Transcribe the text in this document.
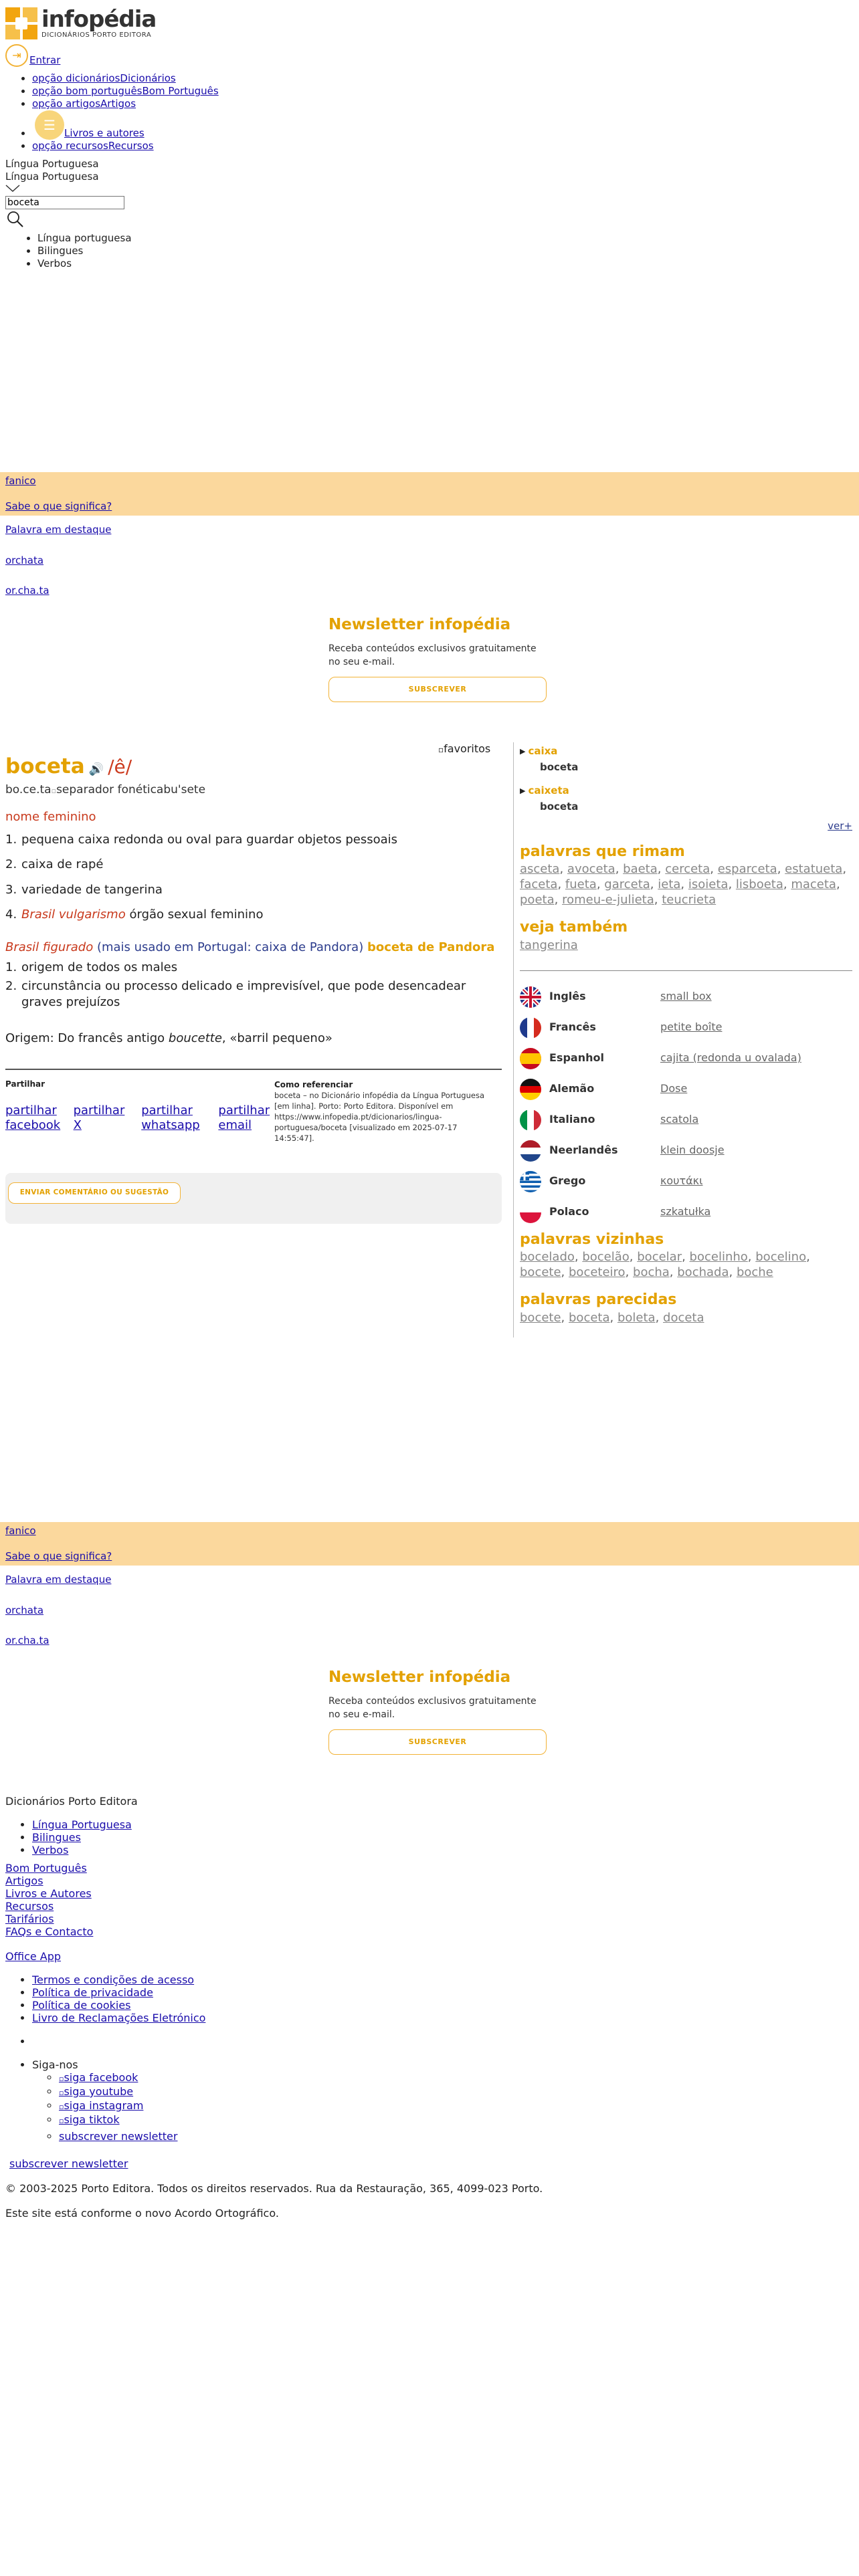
infopédia
DICIONÁRIOS PORTO EDITORA
⇥ Entrar
• opção dicionáriosDicionários
• opção bom portuguêsBom Português
• opção artigosArtigos
• ☰Livros e autores
• opção recursosRecursos
Língua Portuguesa
Língua Portuguesa
boceta
• Língua portuguesa
• Bilingues
• Verbos
fanico

Sabe o que significa?
Palavra em destaque
orchata
or.cha.ta
Newsletter infopédia
Receba conteúdos exclusivos gratuitamente no seu e-mail.
SUBSCREVER
▫favoritos
boceta 🔊 /ê/
bo.ce.ta▫separador fonéticabu'sete
nome feminino
1. pequena caixa redonda ou oval para guardar objetos pessoais
2. caixa de rapé
3. variedade de tangerina
4. Brasil vulgarismo órgão sexual feminino
Brasil figurado (mais usado em Portugal: caixa de Pandora) boceta de Pandora
1. origem de todos os males
2. circunstância ou processo delicado e imprevisível, que pode desencadear graves prejuízos
Origem: Do francês antigo boucette, «barril pequeno»
Partilhar
partilhar facebook
partilhar X
partilhar whatsapp
partilhar email
Como referenciar
boceta – no Dicionário infopédia da Língua Portuguesa [em linha]. Porto: Porto Editora. Disponível em https://www.infopedia.pt/dicionarios/lingua-portuguesa/boceta [visualizado em 2025-07-17 14:55:47].
ENVIAR COMENTÁRIO OU SUGESTÃO
▶ caixa
boceta
▶ caixeta
boceta
ver+
palavras que rimam
asceta, avoceta, baeta, cerceta, esparceta, estatueta, faceta, fueta, garceta, ieta, isoieta, lisboeta, maceta, poeta, romeu-e-julieta, teucrieta
veja também
tangerina
Inglês	small box
Francês	petite boîte
Espanhol	cajita (redonda u ovalada)
Alemão	Dose
Italiano	scatola
Neerlandês	klein doosje
Grego	κουτάκι
Polaco	szkatułka
palavras vizinhas
bocelado, bocelão, bocelar, bocelinho, bocelino, bocete, boceteiro, bocha, bochada, boche
palavras parecidas
bocete, boceta, boleta, doceta
fanico

Sabe o que significa?
Palavra em destaque
orchata
or.cha.ta
Newsletter infopédia
Receba conteúdos exclusivos gratuitamente no seu e-mail.
SUBSCREVER
Dicionários Porto Editora
• Língua Portuguesa
• Bilingues
• Verbos
Bom Português
Artigos
Livros e Autores
Recursos
Tarifários
FAQs e Contacto
Office App
• Termos e condições de acesso
• Política de privacidade
• Política de cookies
• Livro de Reclamações Eletrónico
•
• Siga-nos
◦ ▫siga facebook
◦ ▫siga youtube
◦ ▫siga instagram
◦ ▫siga tiktok
◦ subscrever newsletter
subscrever newsletter
© 2003-2025 Porto Editora. Todos os direitos reservados. Rua da Restauração, 365, 4099-023 Porto.
Este site está conforme o novo Acordo Ortográfico.
